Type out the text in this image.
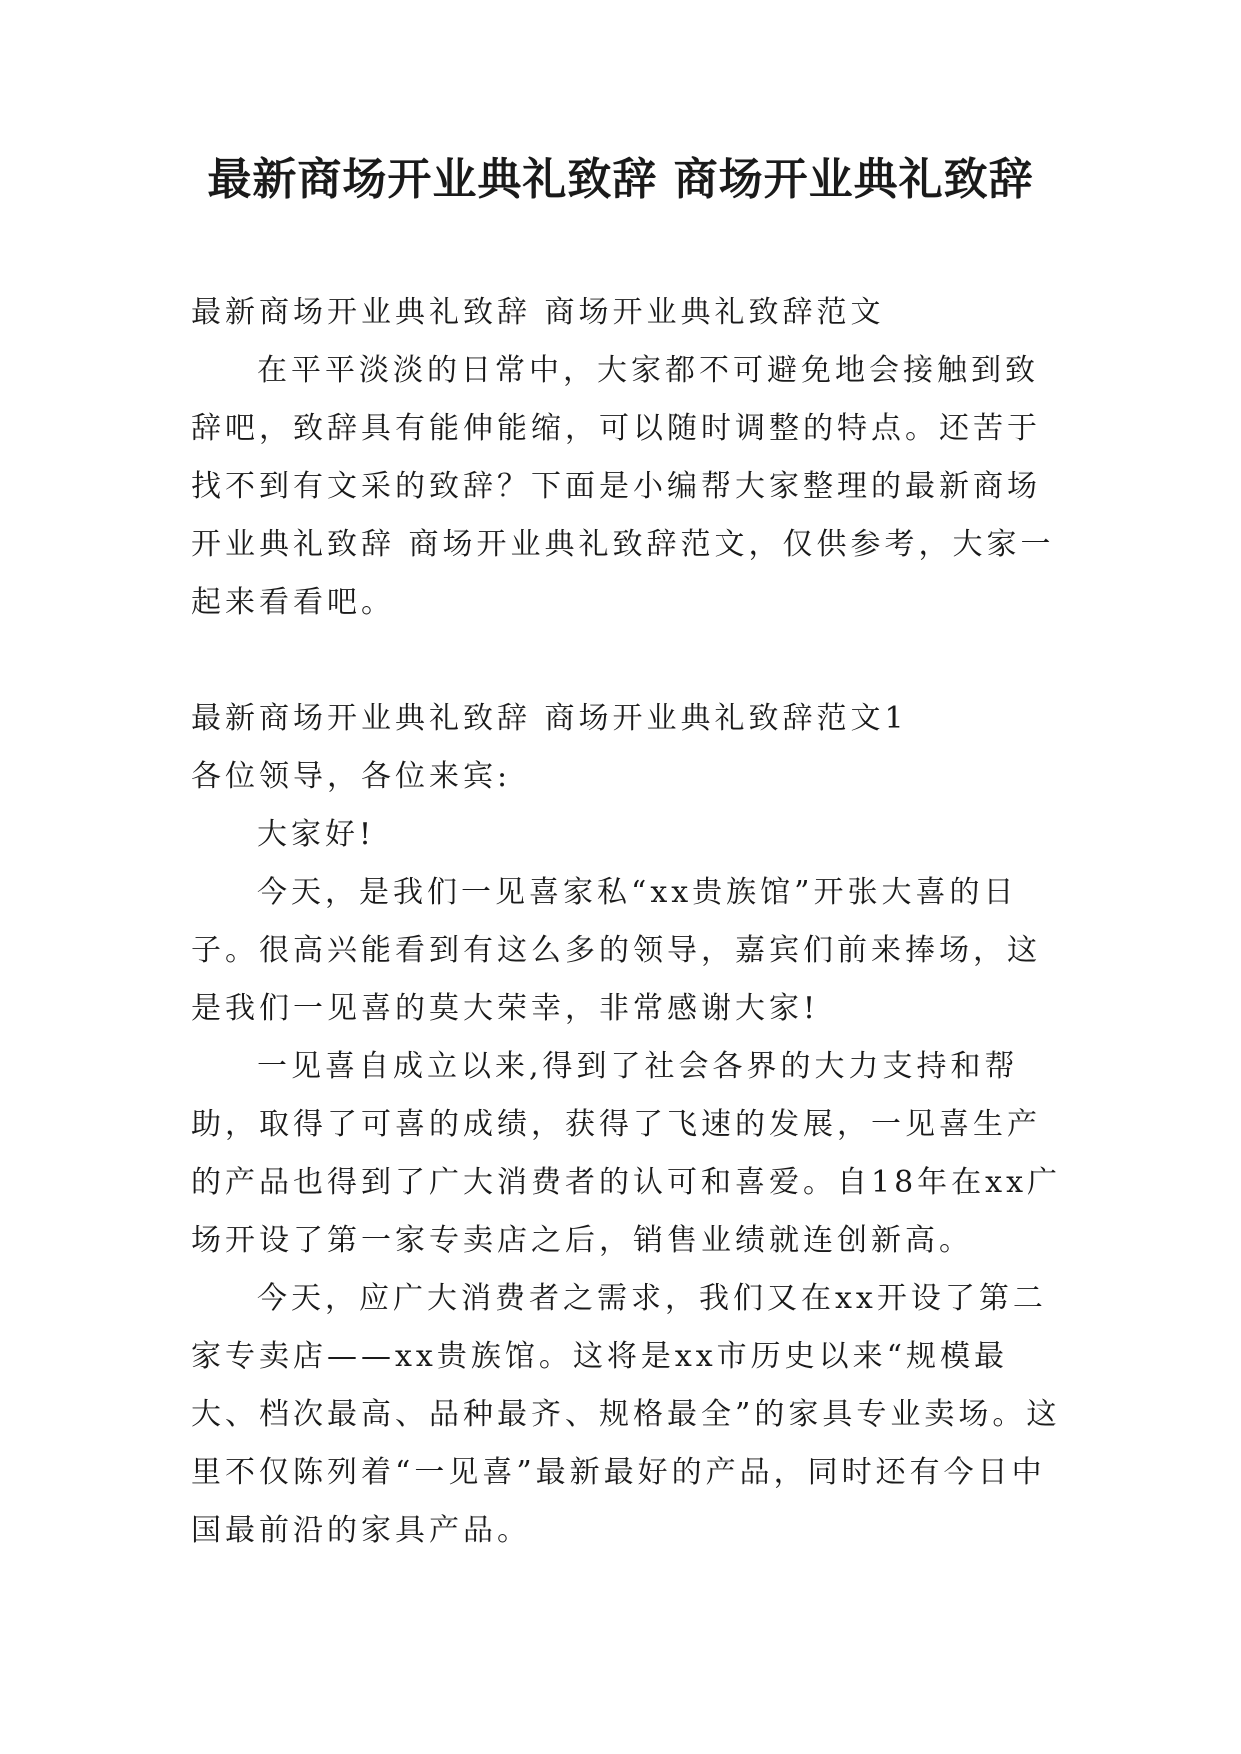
最新商场开业典礼致辞 商场开业典礼致辞

最新商场开业典礼致辞 商场开业典礼致辞范文

在平平淡淡的日常中，大家都不可避免地会接触到致辞吧，致辞具有能伸能缩，可以随时调整的特点。还苦于找不到有文采的致辞？下面是小编帮大家整理的最新商场开业典礼致辞 商场开业典礼致辞范文，仅供参考，大家一起来看看吧。

最新商场开业典礼致辞 商场开业典礼致辞范文1

各位领导，各位来宾:

大家好!

今天，是我们一见喜家私“xx贵族馆”开张大喜的日子。很高兴能看到有这么多的领导，嘉宾们前来捧场，这是我们一见喜的莫大荣幸，非常感谢大家!

一见喜自成立以来,得到了社会各界的大力支持和帮助，取得了可喜的成绩，获得了飞速的发展，一见喜生产的产品也得到了广大消费者的认可和喜爱。自18年在xx广场开设了第一家专卖店之后，销售业绩就连创新高。

今天，应广大消费者之需求，我们又在xx开设了第二家专卖店——xx贵族馆。这将是xx市历史以来“规模最大、档次最高、品种最齐、规格最全”的家具专业卖场。这里不仅陈列着“一见喜”最新最好的产品，同时还有今日中国最前沿的家具产品。
